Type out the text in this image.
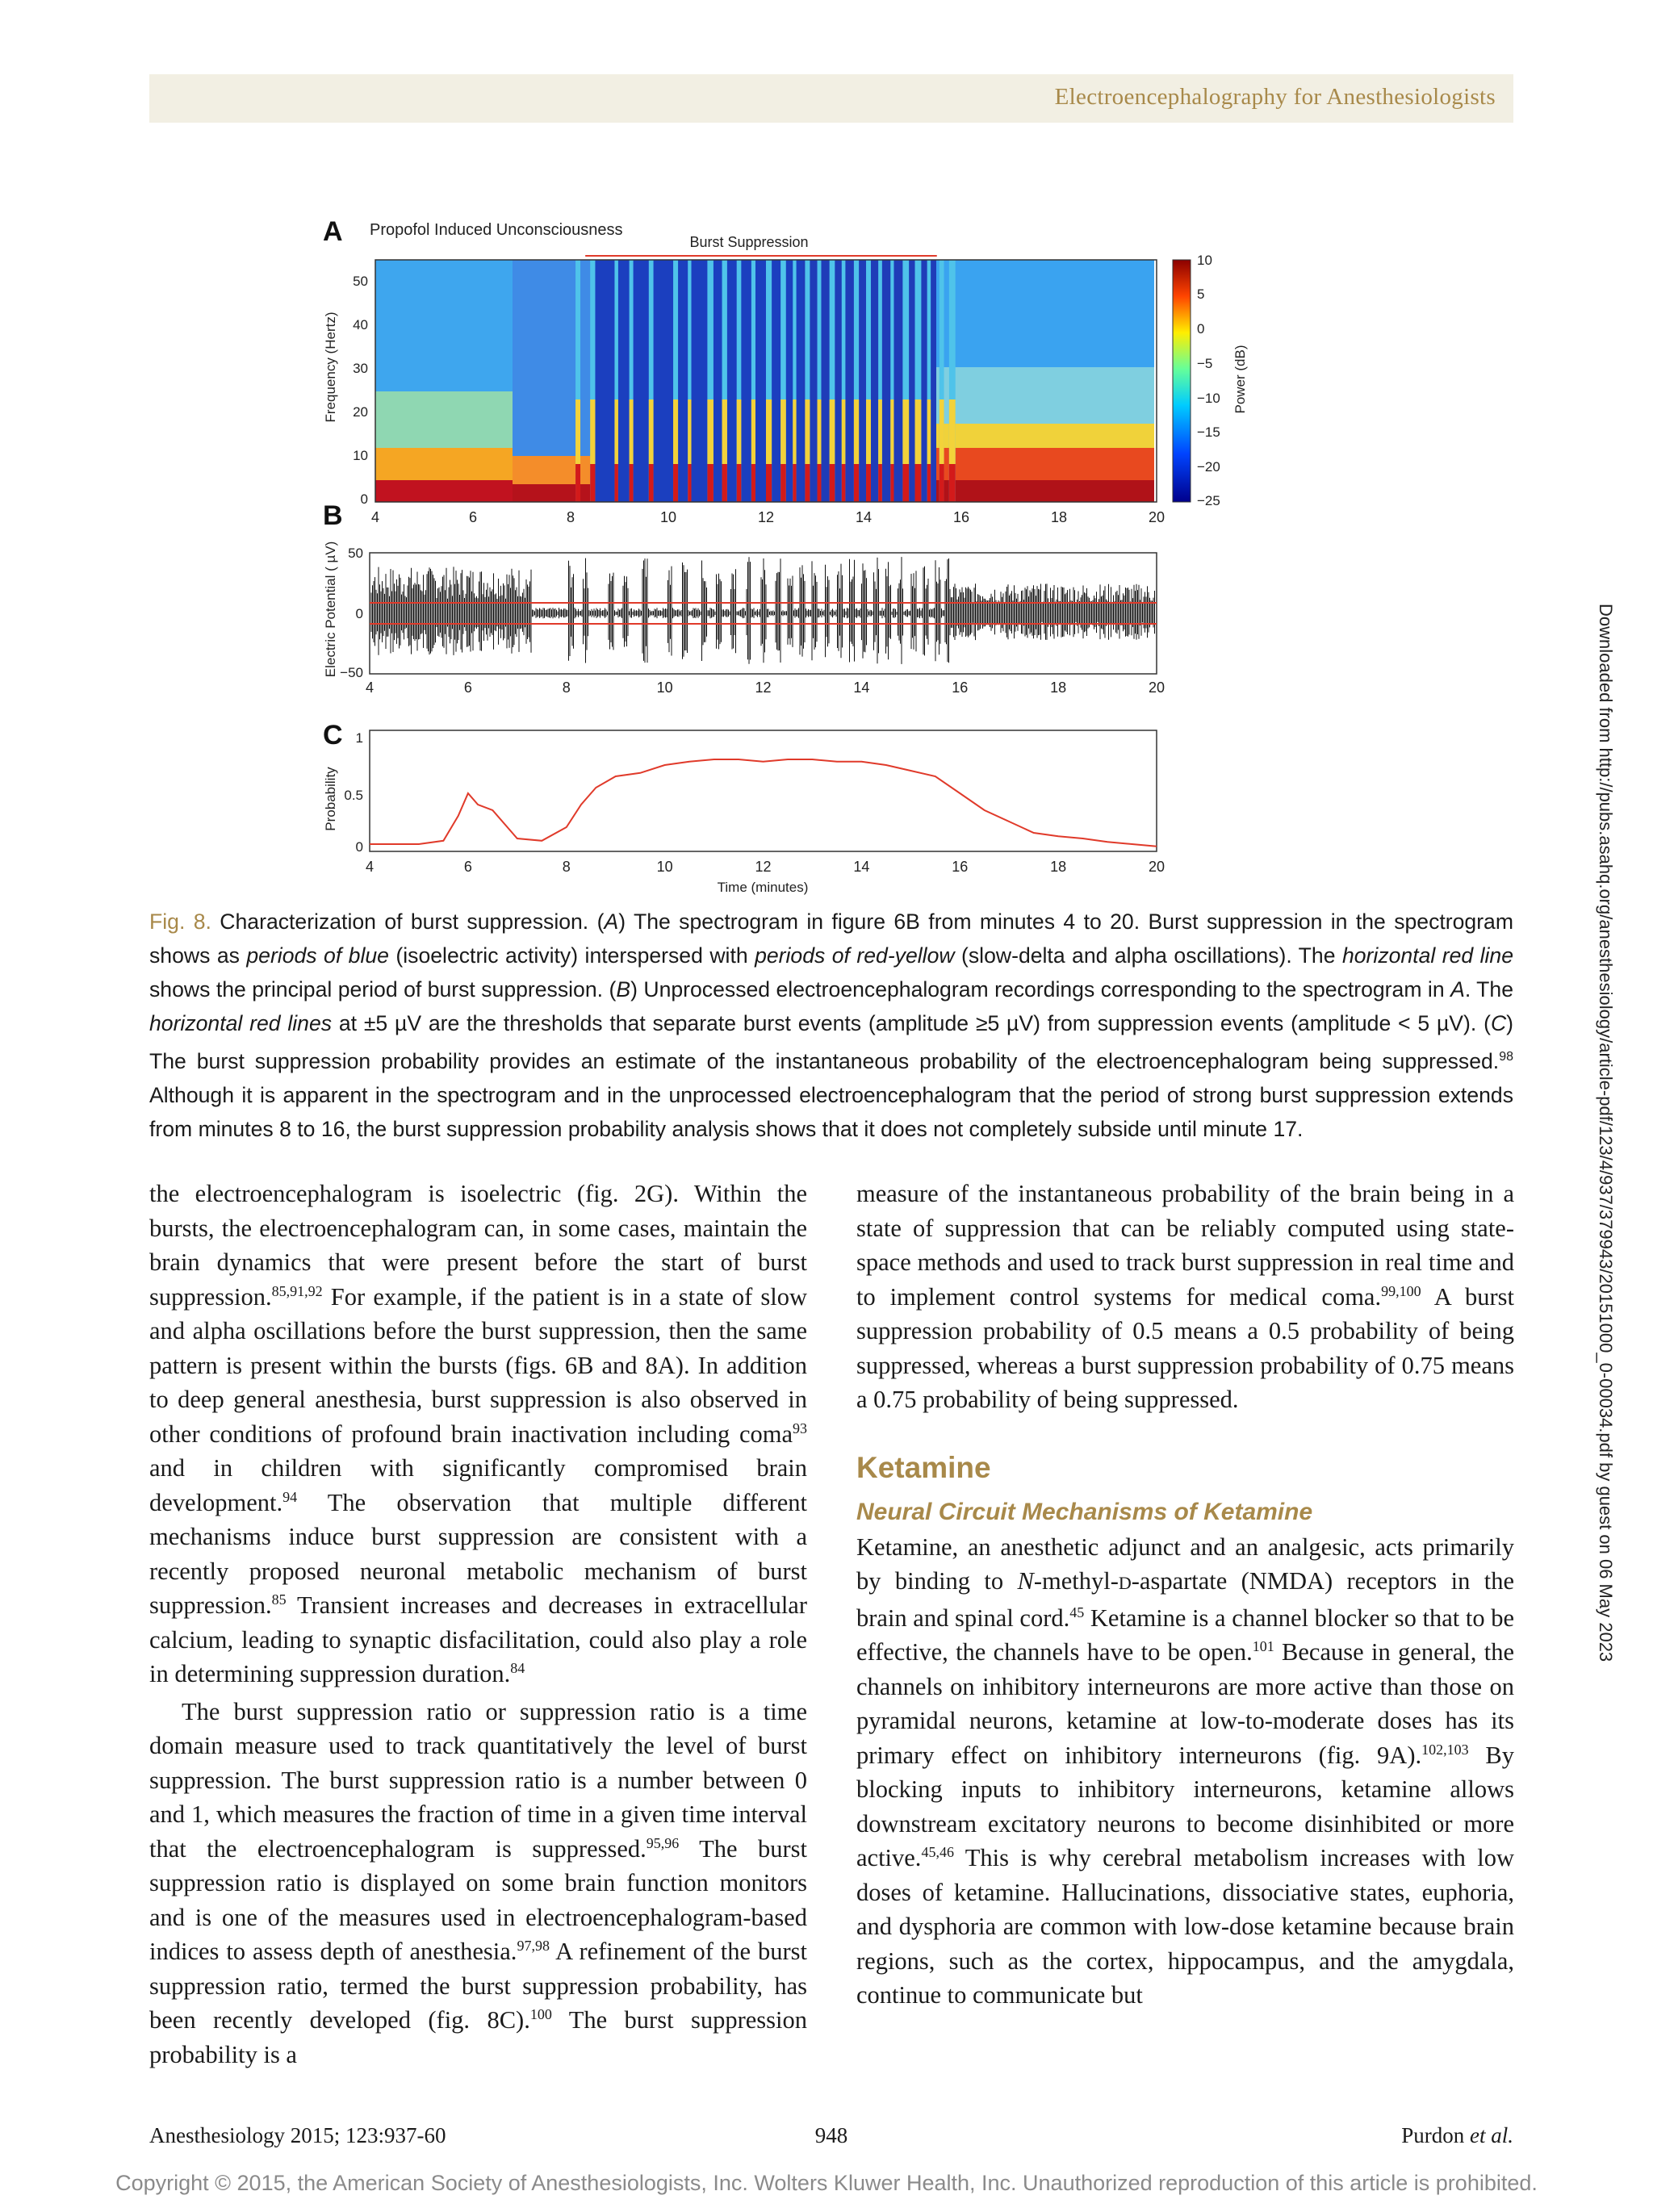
Electroencephalography for Anesthesiologists
A Propofol Induced Unconsciousness
Burst Suppression
Frequency (Hertz)
50
40
30
20
10
0
4	6	8	10	12	14	16	18	20
10
5
0
−5
−10
−15
−20
−25
Power (dB)
B
Electric Potential ( µV) 50
0
−50
4	6	8	10	12	14	16	18	20
C
Probability
1
0.5
0
4	6	8	10	12	14	16	18	20
Time (minutes)
Fig. 8. Characterization of burst suppression. (A) The spectrogram in figure 6B from minutes 4 to 20. Burst suppression in the spectrogram shows as periods of blue (isoelectric activity) interspersed with periods of red-yellow (slow-delta and alpha oscillations). The horizontal red line shows the principal period of burst suppression. (B) Unprocessed electroencephalogram recordings corresponding to the spectrogram in A. The horizontal red lines at ±5 µV are the thresholds that separate burst events (amplitude ≥5 µV) from suppression events (amplitude < 5 µV). (C) The burst suppression probability provides an estimate of the instantaneous probability of the electroencephalogram being suppressed.$^{98}$ Although it is apparent in the spectrogram and in the unprocessed electroencephalogram that the period of strong burst suppression extends from minutes 8 to 16, the burst suppression probability analysis shows that it does not completely subside until minute 17.

the electroencephalogram is isoelectric (fig. 2G). Within the bursts, the electroencephalogram can, in some cases, maintain the brain dynamics that were present before the start of burst suppression.$^{85,91,92}$ For example, if the patient is in a state of slow and alpha oscillations before the burst suppression, then the same pattern is present within the bursts (figs. 6B and 8A). In addition to deep general anesthesia, burst suppression is also observed in other conditions of profound brain inactivation including coma$^{93}$ and in children with significantly compromised brain development.$^{94}$ The observation that multiple different mechanisms induce burst suppression are consistent with a recently proposed neuronal metabolic mechanism of burst suppression.$^{85}$ Transient increases and decreases in extracellular calcium, leading to synaptic disfacilitation, could also play a role in determining suppression duration.$^{84}$

The burst suppression ratio or suppression ratio is a time domain measure used to track quantitatively the level of burst suppression. The burst suppression ratio is a number between 0 and 1, which measures the fraction of time in a given time interval that the electroencephalogram is suppressed.$^{95,96}$ The burst suppression ratio is displayed on some brain function monitors and is one of the measures used in electroencephalogram-based indices to assess depth of anesthesia.$^{97,98}$ A refinement of the burst suppression ratio, termed the burst suppression probability, has been recently developed (fig. 8C).$^{100}$ The burst suppression probability is a

measure of the instantaneous probability of the brain being in a state of suppression that can be reliably computed using state-space methods and used to track burst suppression in real time and to implement control systems for medical coma.$^{99,100}$ A burst suppression probability of 0.5 means a 0.5 probability of being suppressed, whereas a burst suppression probability of 0.75 means a 0.75 probability of being suppressed.

Ketamine
Neural Circuit Mechanisms of Ketamine

Ketamine, an anesthetic adjunct and an analgesic, acts primarily by binding to N-methyl-D-aspartate (NMDA) receptors in the brain and spinal cord.$^{45}$ Ketamine is a channel blocker so that to be effective, the channels have to be open.$^{101}$ Because in general, the channels on inhibitory interneurons are more active than those on pyramidal neurons, ketamine at low-to-moderate doses has its primary effect on inhibitory interneurons (fig. 9A).$^{102,103}$ By blocking inputs to inhibitory interneurons, ketamine allows downstream excitatory neurons to become disinhibited or more active.$^{45,46}$ This is why cerebral metabolism increases with low doses of ketamine. Hallucinations, dissociative states, euphoria, and dysphoria are common with low-dose ketamine because brain regions, such as the cortex, hippocampus, and the amygdala, continue to communicate but

Anesthesiology 2015; 123:937-60	948	Purdon et al.
Copyright © 2015, the American Society of Anesthesiologists, Inc. Wolters Kluwer Health, Inc. Unauthorized reproduction of this article is prohibited.
Downloaded from http://pubs.asahq.org/anesthesiology/article-pdf/123/4/937/379943/20151000_0-00034.pdf by guest on 06 May 2023
